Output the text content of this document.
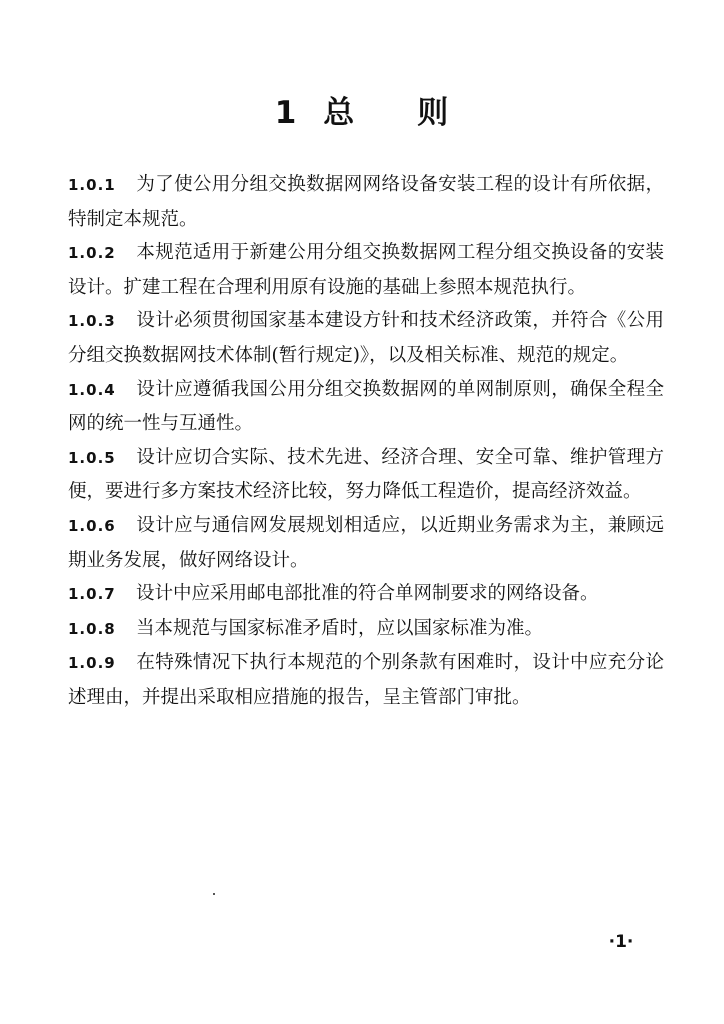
1 总 则

1.0.1 为了使公用分组交换数据网网络设备安装工程的设计有所依据，特制定本规范。

1.0.2 本规范适用于新建公用分组交换数据网工程分组交换设备的安装设计。扩建工程在合理利用原有设施的基础上参照本规范执行。

1.0.3 设计必须贯彻国家基本建设方针和技术经济政策，并符合《公用分组交换数据网技术体制(暂行规定)》，以及相关标准、规范的规定。

1.0.4 设计应遵循我国公用分组交换数据网的单网制原则，确保全程全网的统一性与互通性。

1.0.5 设计应切合实际、技术先进、经济合理、安全可靠、维护管理方便，要进行多方案技术经济比较，努力降低工程造价，提高经济效益。

1.0.6 设计应与通信网发展规划相适应，以近期业务需求为主，兼顾远期业务发展，做好网络设计。

1.0.7 设计中应采用邮电部批准的符合单网制要求的网络设备。

1.0.8 当本规范与国家标准矛盾时，应以国家标准为准。

1.0.9 在特殊情况下执行本规范的个别条款有困难时，设计中应充分论述理由，并提出采取相应措施的报告，呈主管部门审批。

·1·
